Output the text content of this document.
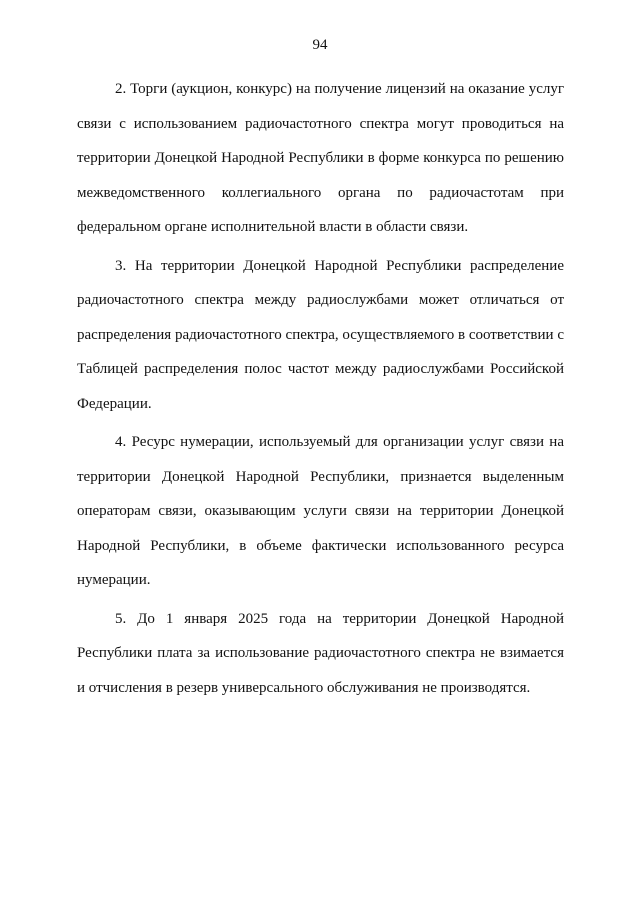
94

2. Торги (аукцион, конкурс) на получение лицензий на оказание услуг связи с использованием радиочастотного спектра могут проводиться на территории Донецкой Народной Республики в форме конкурса по решению межведомственного коллегиального органа по радиочастотам при федеральном органе исполнительной власти в области связи.

3. На территории Донецкой Народной Республики распределение радиочастотного спектра между радиослужбами может отличаться от распределения радиочастотного спектра, осуществляемого в соответствии с Таблицей распределения полос частот между радиослужбами Российской Федерации.

4. Ресурс нумерации, используемый для организации услуг связи на территории Донецкой Народной Республики, признается выделенным операторам связи, оказывающим услуги связи на территории Донецкой Народной Республики, в объеме фактически использованного ресурса нумерации.

5. До 1 января 2025 года на территории Донецкой Народной Республики плата за использование радиочастотного спектра не взимается и отчисления в резерв универсального обслуживания не производятся.
